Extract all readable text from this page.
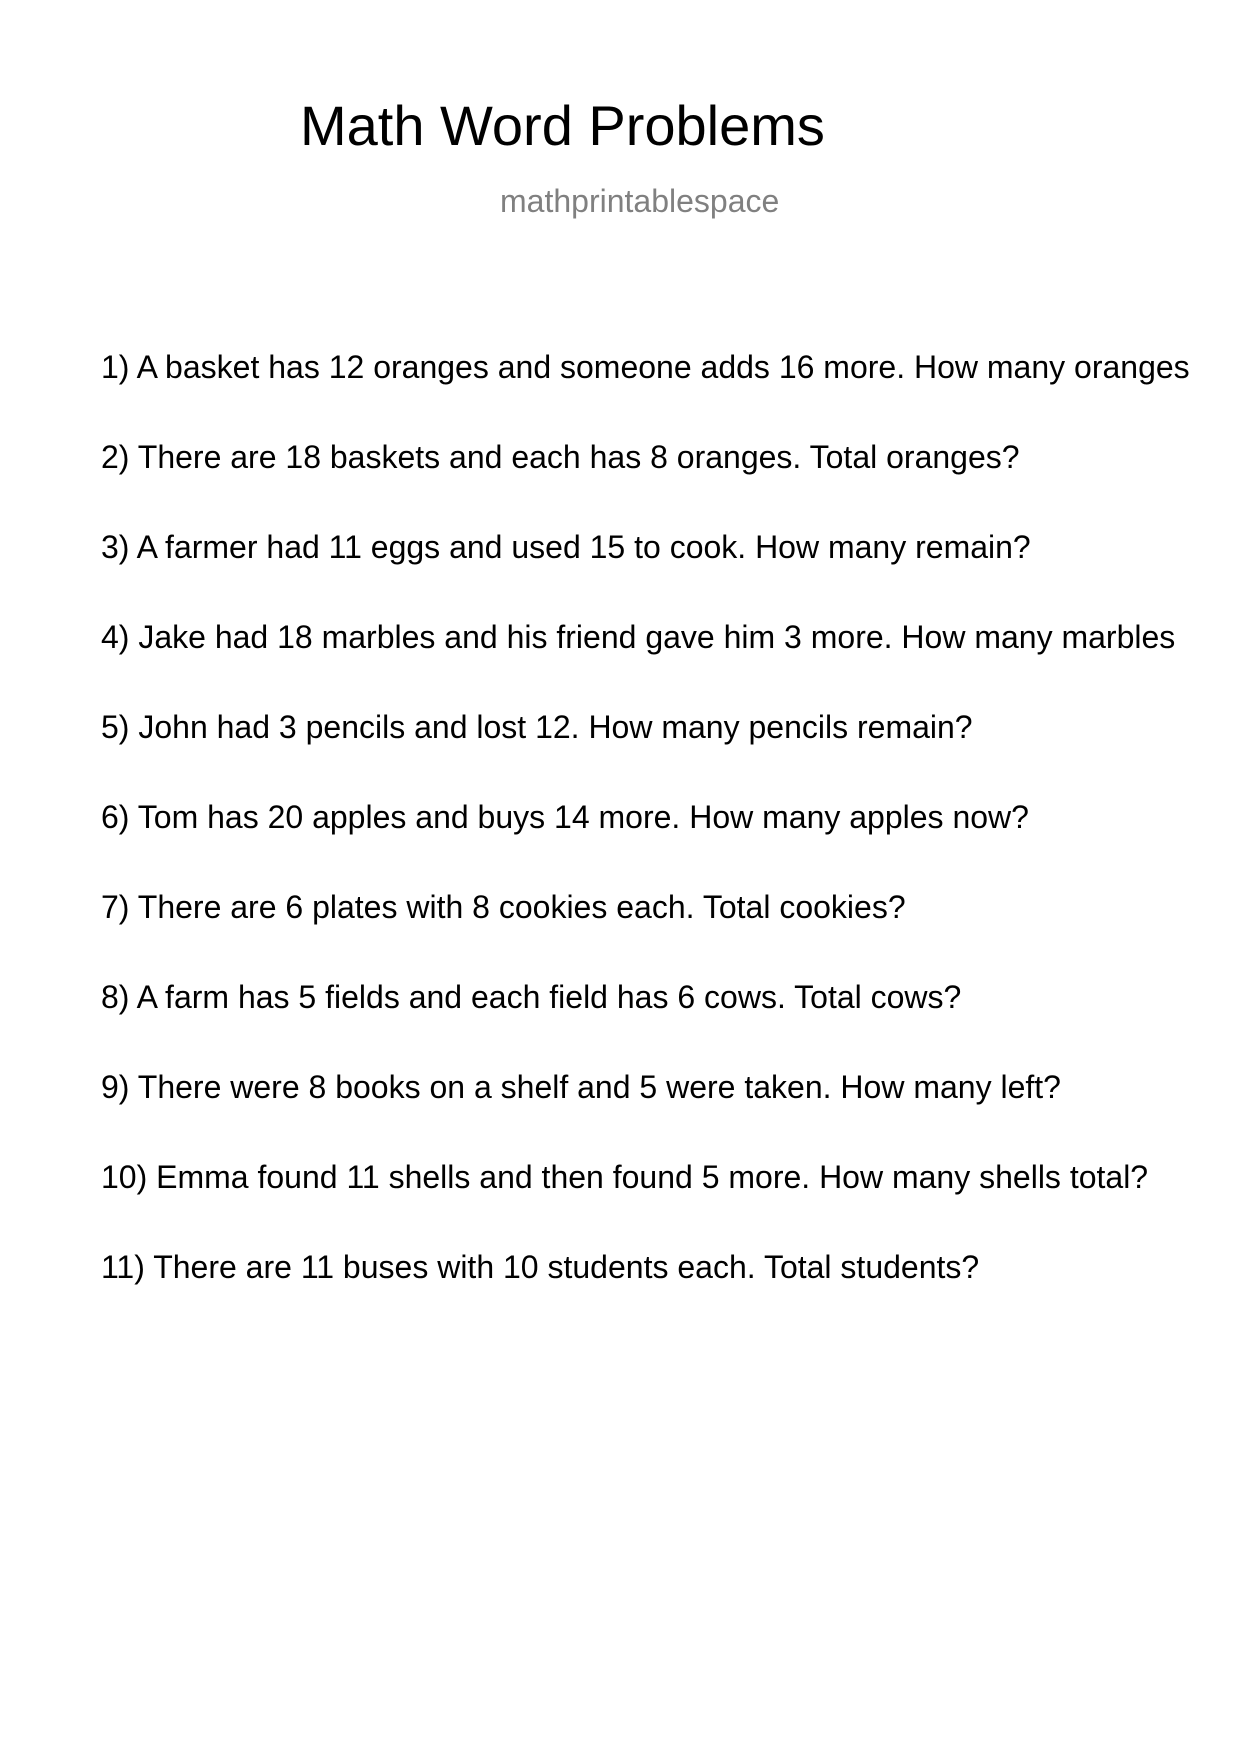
Math Word Problems
mathprintablespace
1) A basket has 12 oranges and someone adds 16 more. How many oranges
2) There are 18 baskets and each has 8 oranges. Total oranges?
3) A farmer had 11 eggs and used 15 to cook. How many remain?
4) Jake had 18 marbles and his friend gave him 3 more. How many marbles
5) John had 3 pencils and lost 12. How many pencils remain?
6) Tom has 20 apples and buys 14 more. How many apples now?
7) There are 6 plates with 8 cookies each. Total cookies?
8) A farm has 5 fields and each field has 6 cows. Total cows?
9) There were 8 books on a shelf and 5 were taken. How many left?
10) Emma found 11 shells and then found 5 more. How many shells total?
11) There are 11 buses with 10 students each. Total students?
